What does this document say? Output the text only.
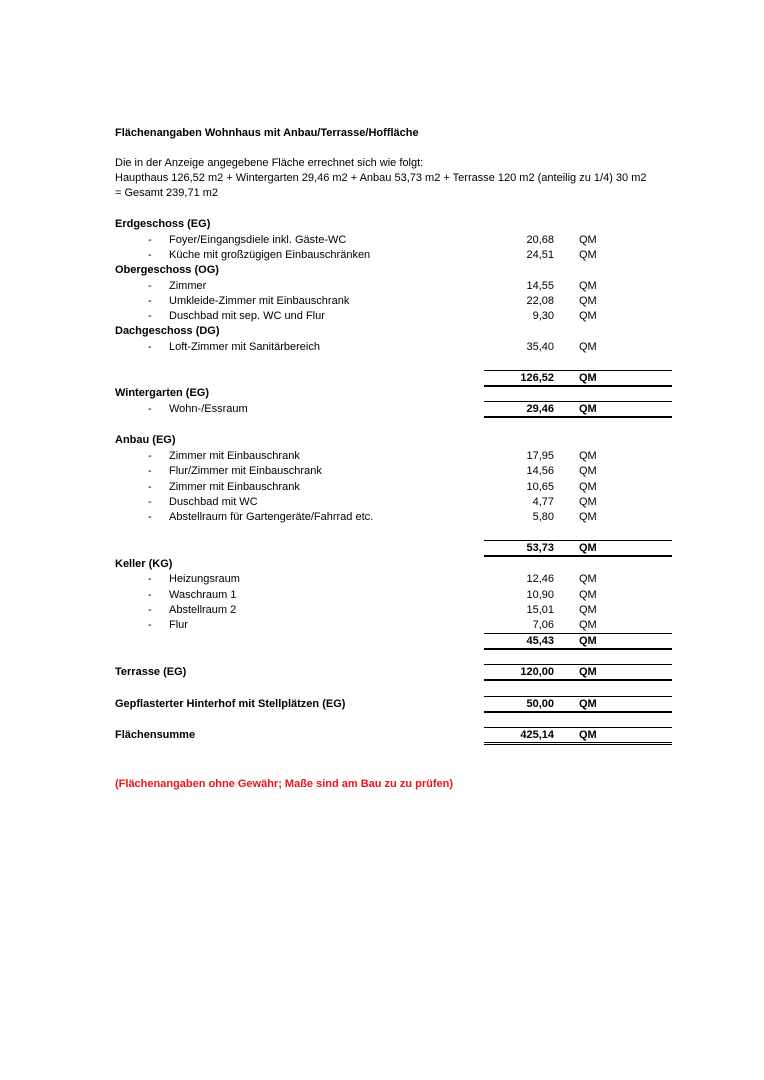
Flächenangaben Wohnhaus mit Anbau/Terrasse/Hoffläche
Die in der Anzeige angegebene Fläche errechnet sich wie folgt:
Haupthaus 126,52 m2 + Wintergarten 29,46 m2 + Anbau 53,73 m2 + Terrasse 120 m2 (anteilig zu 1/4) 30 m2
= Gesamt 239,71 m2
Erdgeschoss (EG)
- Foyer/Eingangsdiele inkl. Gäste-WC	20,68 QM
- Küche mit großzügigen Einbauschränken	24,51 QM
Obergeschoss (OG)
- Zimmer	14,55 QM
- Umkleide-Zimmer mit Einbauschrank	22,08 QM
- Duschbad mit sep. WC und Flur	9,30 QM
Dachgeschoss (DG)
- Loft-Zimmer mit Sanitärbereich	35,40 QM
126,52 QM
Wintergarten (EG)
- Wohn-/Essraum	29,46 QM
Anbau (EG)
- Zimmer mit Einbauschrank	17,95 QM
- Flur/Zimmer mit Einbauschrank	14,56 QM
- Zimmer mit Einbauschrank	10,65 QM
- Duschbad mit WC	4,77 QM
- Abstellraum für Gartengeräte/Fahrrad etc.	5,80 QM
53,73 QM
Keller (KG)
- Heizungsraum	12,46 QM
- Waschraum 1	10,90 QM
- Abstellraum 2	15,01 QM
- Flur	7,06 QM
45,43 QM
Terrasse (EG)	120,00 QM
Gepflasterter Hinterhof mit Stellplätzen (EG)	50,00 QM
Flächensumme	425,14 QM
(Flächenangaben ohne Gewähr; Maße sind am Bau zu zu prüfen)
